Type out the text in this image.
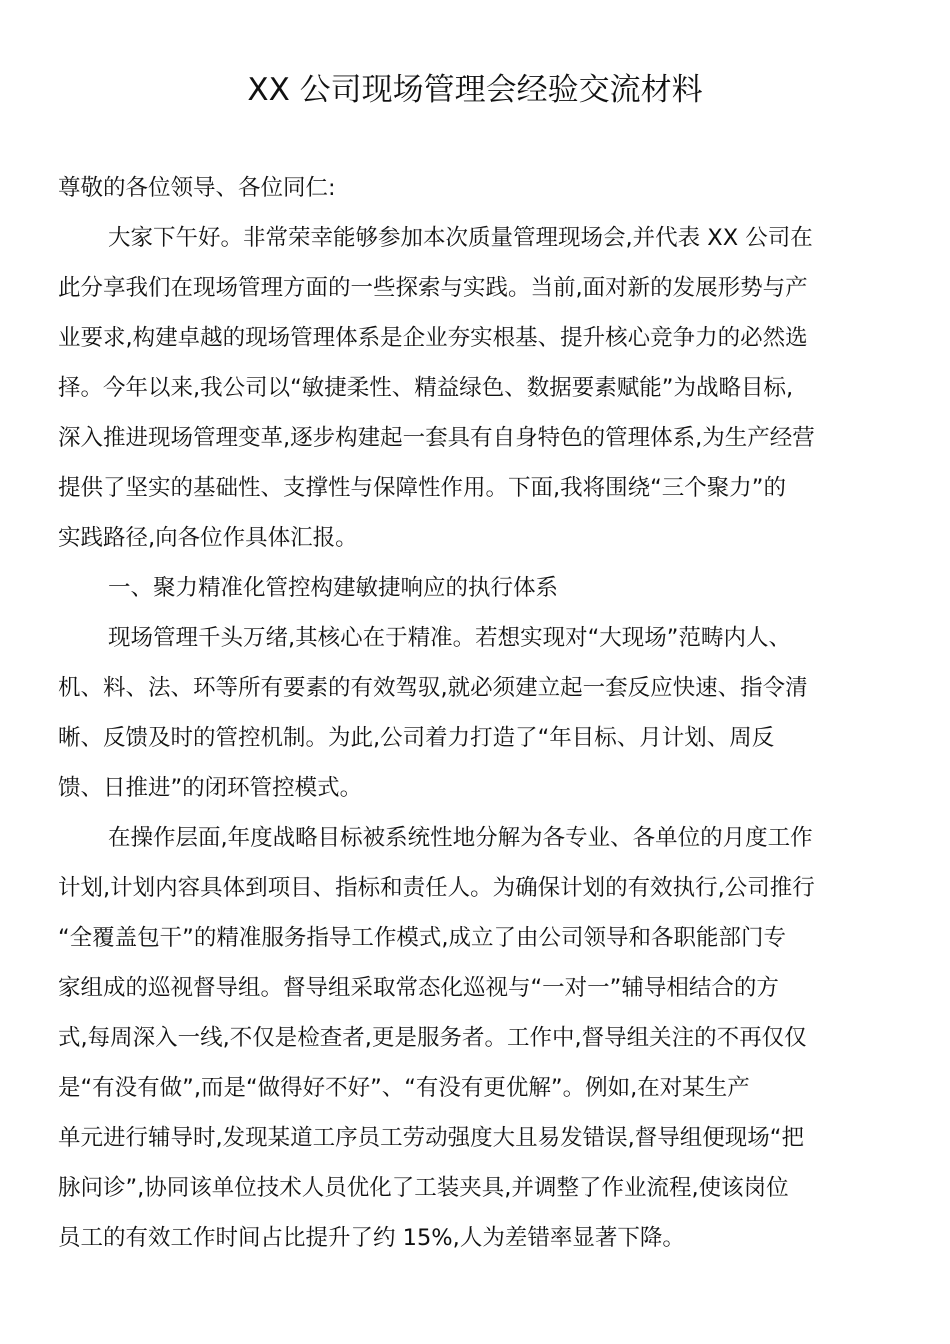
XX 公司现场管理会经验交流材料
尊敬的各位领导、各位同仁:
大家下午好。非常荣幸能够参加本次质量管理现场会,并代表 XX 公司在
此分享我们在现场管理方面的一些探索与实践。当前,面对新的发展形势与产
业要求,构建卓越的现场管理体系是企业夯实根基、提升核心竞争力的必然选
择。今年以来,我公司以“敏捷柔性、精益绿色、数据要素赋能”为战略目标,
深入推进现场管理变革,逐步构建起一套具有自身特色的管理体系,为生产经营
提供了坚实的基础性、支撑性与保障性作用。下面,我将围绕“三个聚力”的
实践路径,向各位作具体汇报。
一、聚力精准化管控构建敏捷响应的执行体系
现场管理千头万绪,其核心在于精准。若想实现对“大现场”范畴内人、
机、料、法、环等所有要素的有效驾驭,就必须建立起一套反应快速、指令清
晰、反馈及时的管控机制。为此,公司着力打造了“年目标、月计划、周反
馈、日推进”的闭环管控模式。
在操作层面,年度战略目标被系统性地分解为各专业、各单位的月度工作
计划,计划内容具体到项目、指标和责任人。为确保计划的有效执行,公司推行
“全覆盖包干”的精准服务指导工作模式,成立了由公司领导和各职能部门专
家组成的巡视督导组。督导组采取常态化巡视与“一对一”辅导相结合的方
式,每周深入一线,不仅是检查者,更是服务者。工作中,督导组关注的不再仅仅
是“有没有做”,而是“做得好不好”、“有没有更优解”。例如,在对某生产
单元进行辅导时,发现某道工序员工劳动强度大且易发错误,督导组便现场“把
脉问诊”,协同该单位技术人员优化了工装夹具,并调整了作业流程,使该岗位
员工的有效工作时间占比提升了约 15%,人为差错率显著下降。
